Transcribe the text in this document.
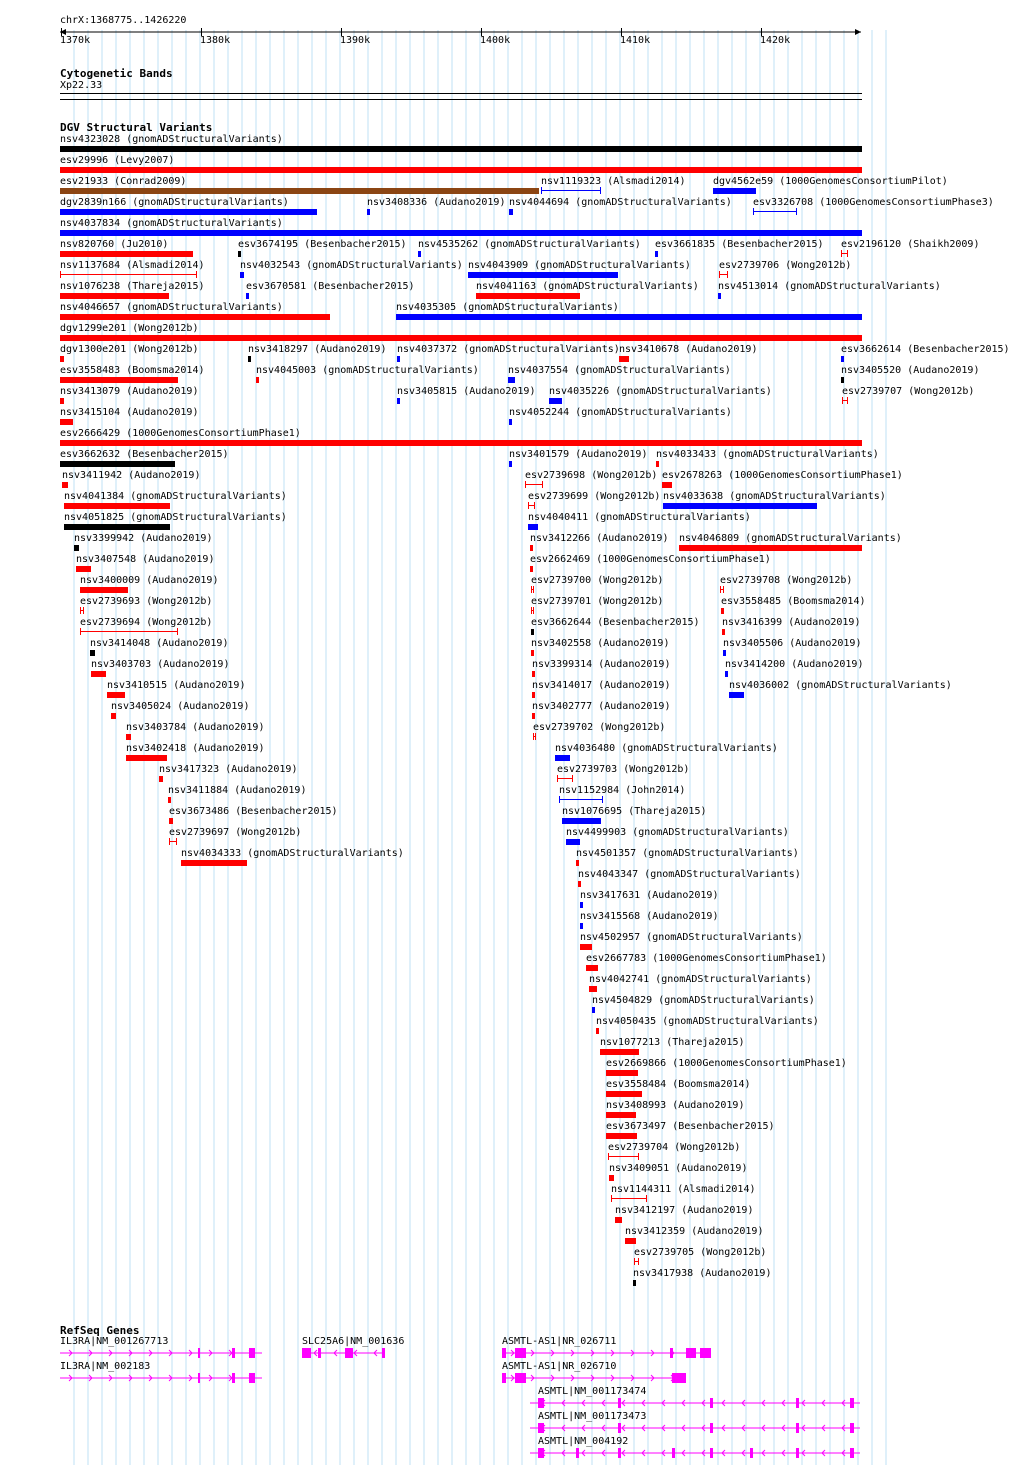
chrX:1368775..1426220
1370k	1380k	1390k	1400k	1410k	1420k
Cytogenetic Bands
Xp22.33
DGV Structural Variants
nsv4323028 (gnomADStructuralVariants)
esv29996 (Levy2007)
esv21933 (Conrad2009)	nsv1119323 (Alsmadi2014)	dgv4562e59 (1000GenomesConsortiumPilot)
dgv2839n166 (gnomADStructuralVariants)	nsv3408336 (Audano2019) nsv4044694 (gnomADStructuralVariants) esv3326708 (1000GenomesConsortiumPhase3)
nsv4037834 (gnomADStructuralVariants)
nsv820760 (Ju2010)	esv3674195 (Besenbacher2015) nsv4535262 (gnomADStructuralVariants) esv3661835 (Besenbacher2015) esv2196120 (Shaikh2009)
nsv1137684 (Alsmadi2014)	nsv4032543 (gnomADStructuralVariants) nsv4043909 (gnomADStructuralVariants)	esv2739706 (Wong2012b)
nsv1076238 (Thareja2015)	esv3670581 (Besenbacher2015)	nsv4041163 (gnomADStructuralVariants) nsv4513014 (gnomADStructuralVariants)
nsv4046657 (gnomADStructuralVariants)	nsv4035305 (gnomADStructuralVariants)
dgv1299e201 (Wong2012b)
dgv1300e201 (Wong2012b)	nsv3418297 (Audano2019) nsv4037372 (gnomADStructuralVariants) nsv3410678 (Audano2019)	esv3662614 (Besenbacher2015)
esv3558483 (Boomsma2014)	nsv4045003 (gnomADStructuralVariants)	nsv4037554 (gnomADStructuralVariants)	nsv3405520 (Audano2019)
nsv3413079 (Audano2019)	nsv3405815 (Audano2019) nsv4035226 (gnomADStructuralVariants)	esv2739707 (Wong2012b)
nsv3415104 (Audano2019)	nsv4052244 (gnomADStructuralVariants)
esv2666429 (1000GenomesConsortiumPhase1)
esv3662632 (Besenbacher2015)	nsv3401579 (Audano2019) nsv4033433 (gnomADStructuralVariants)
nsv3411942 (Audano2019)	esv2739698 (Wong2012b) esv2678263 (1000GenomesConsortiumPhase1)
nsv4041384 (gnomADStructuralVariants)	esv2739699 (Wong2012b) nsv4033638 (gnomADStructuralVariants)
nsv4051825 (gnomADStructuralVariants)	nsv4040411 (gnomADStructuralVariants)
nsv3399942 (Audano2019)	nsv3412266 (Audano2019) nsv4046809 (gnomADStructuralVariants)
nsv3407548 (Audano2019)	esv2662469 (1000GenomesConsortiumPhase1)
nsv3400009 (Audano2019)	esv2739700 (Wong2012b)	esv2739708 (Wong2012b)
esv2739693 (Wong2012b)	esv2739701 (Wong2012b)	esv3558485 (Boomsma2014)
esv2739694 (Wong2012b)	esv3662644 (Besenbacher2015) nsv3416399 (Audano2019)
nsv3414048 (Audano2019)	nsv3402558 (Audano2019)	nsv3405506 (Audano2019)
nsv3403703 (Audano2019)	nsv3399314 (Audano2019)	nsv3414200 (Audano2019)
nsv3410515 (Audano2019)	nsv3414017 (Audano2019)	nsv4036002 (gnomADStructuralVariants)
nsv3405024 (Audano2019)	nsv3402777 (Audano2019)
nsv3403784 (Audano2019)	esv2739702 (Wong2012b)
nsv3402418 (Audano2019)	nsv4036480 (gnomADStructuralVariants)
nsv3417323 (Audano2019)	esv2739703 (Wong2012b)
nsv3411884 (Audano2019)	nsv1152984 (John2014)
esv3673486 (Besenbacher2015)	nsv1076695 (Thareja2015)
esv2739697 (Wong2012b)	nsv4499903 (gnomADStructuralVariants)
nsv4034333 (gnomADStructuralVariants)	nsv4501357 (gnomADStructuralVariants)
nsv4043347 (gnomADStructuralVariants)
nsv3417631 (Audano2019)
nsv3415568 (Audano2019)
nsv4502957 (gnomADStructuralVariants)
esv2667783 (1000GenomesConsortiumPhase1)
nsv4042741 (gnomADStructuralVariants)
nsv4504829 (gnomADStructuralVariants)
nsv4050435 (gnomADStructuralVariants)
nsv1077213 (Thareja2015)
esv2669866 (1000GenomesConsortiumPhase1)
esv3558484 (Boomsma2014)
nsv3408993 (Audano2019)
esv3673497 (Besenbacher2015)
esv2739704 (Wong2012b)
nsv3409051 (Audano2019)
nsv1144311 (Alsmadi2014)
nsv3412197 (Audano2019)
nsv3412359 (Audano2019)
esv2739705 (Wong2012b)
nsv3417938 (Audano2019)
RefSeq Genes
IL3RA|NM_001267713	SLC25A6|NM_001636	ASMTL-AS1|NR_026711
IL3RA|NM_002183	ASMTL-AS1|NR_026710
ASMTL|NM_001173474
ASMTL|NM_001173473
ASMTL|NM_004192
